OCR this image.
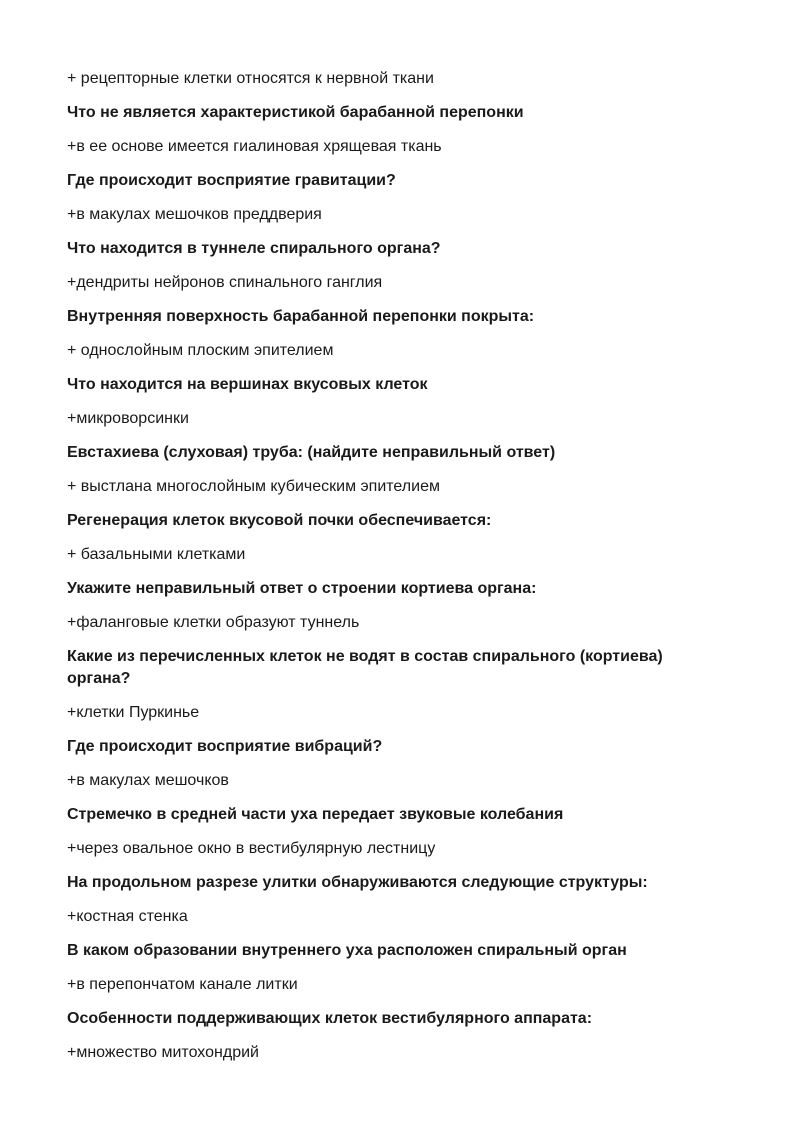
+ рецепторные клетки относятся к нервной ткани

Что не является характеристикой барабанной перепонки

+в ее основе имеется гиалиновая хрящевая ткань

Где происходит восприятие гравитации?

+в макулах мешочков преддверия

Что находится в туннеле спирального органа?

+дендриты нейронов спинального ганглия

Внутренняя поверхность барабанной перепонки покрыта:

+ однослойным плоским эпителием

Что находится на вершинах вкусовых клеток

+микроворсинки

Евстахиева (слуховая) труба: (найдите неправильный ответ)

+ выстлана многослойным кубическим эпителием

Регенерация клеток вкусовой почки обеспечивается:

+ базальными клетками

Укажите неправильный ответ о строении кортиева органа:

+фаланговые клетки образуют туннель

Какие из перечисленных клеток не водят в состав спирального (кортиева) органа?

+клетки Пуркинье

Где происходит восприятие вибраций?

+в макулах мешочков

Стремечко в средней части уха передает звуковые колебания

+через овальное окно в вестибулярную лестницу

На продольном разрезе улитки обнаруживаются следующие структуры:

+костная стенка

В каком образовании внутреннего уха расположен спиральный орган

+в перепончатом канале литки

Особенности поддерживающих клеток вестибулярного аппарата:

+множество митохондрий
